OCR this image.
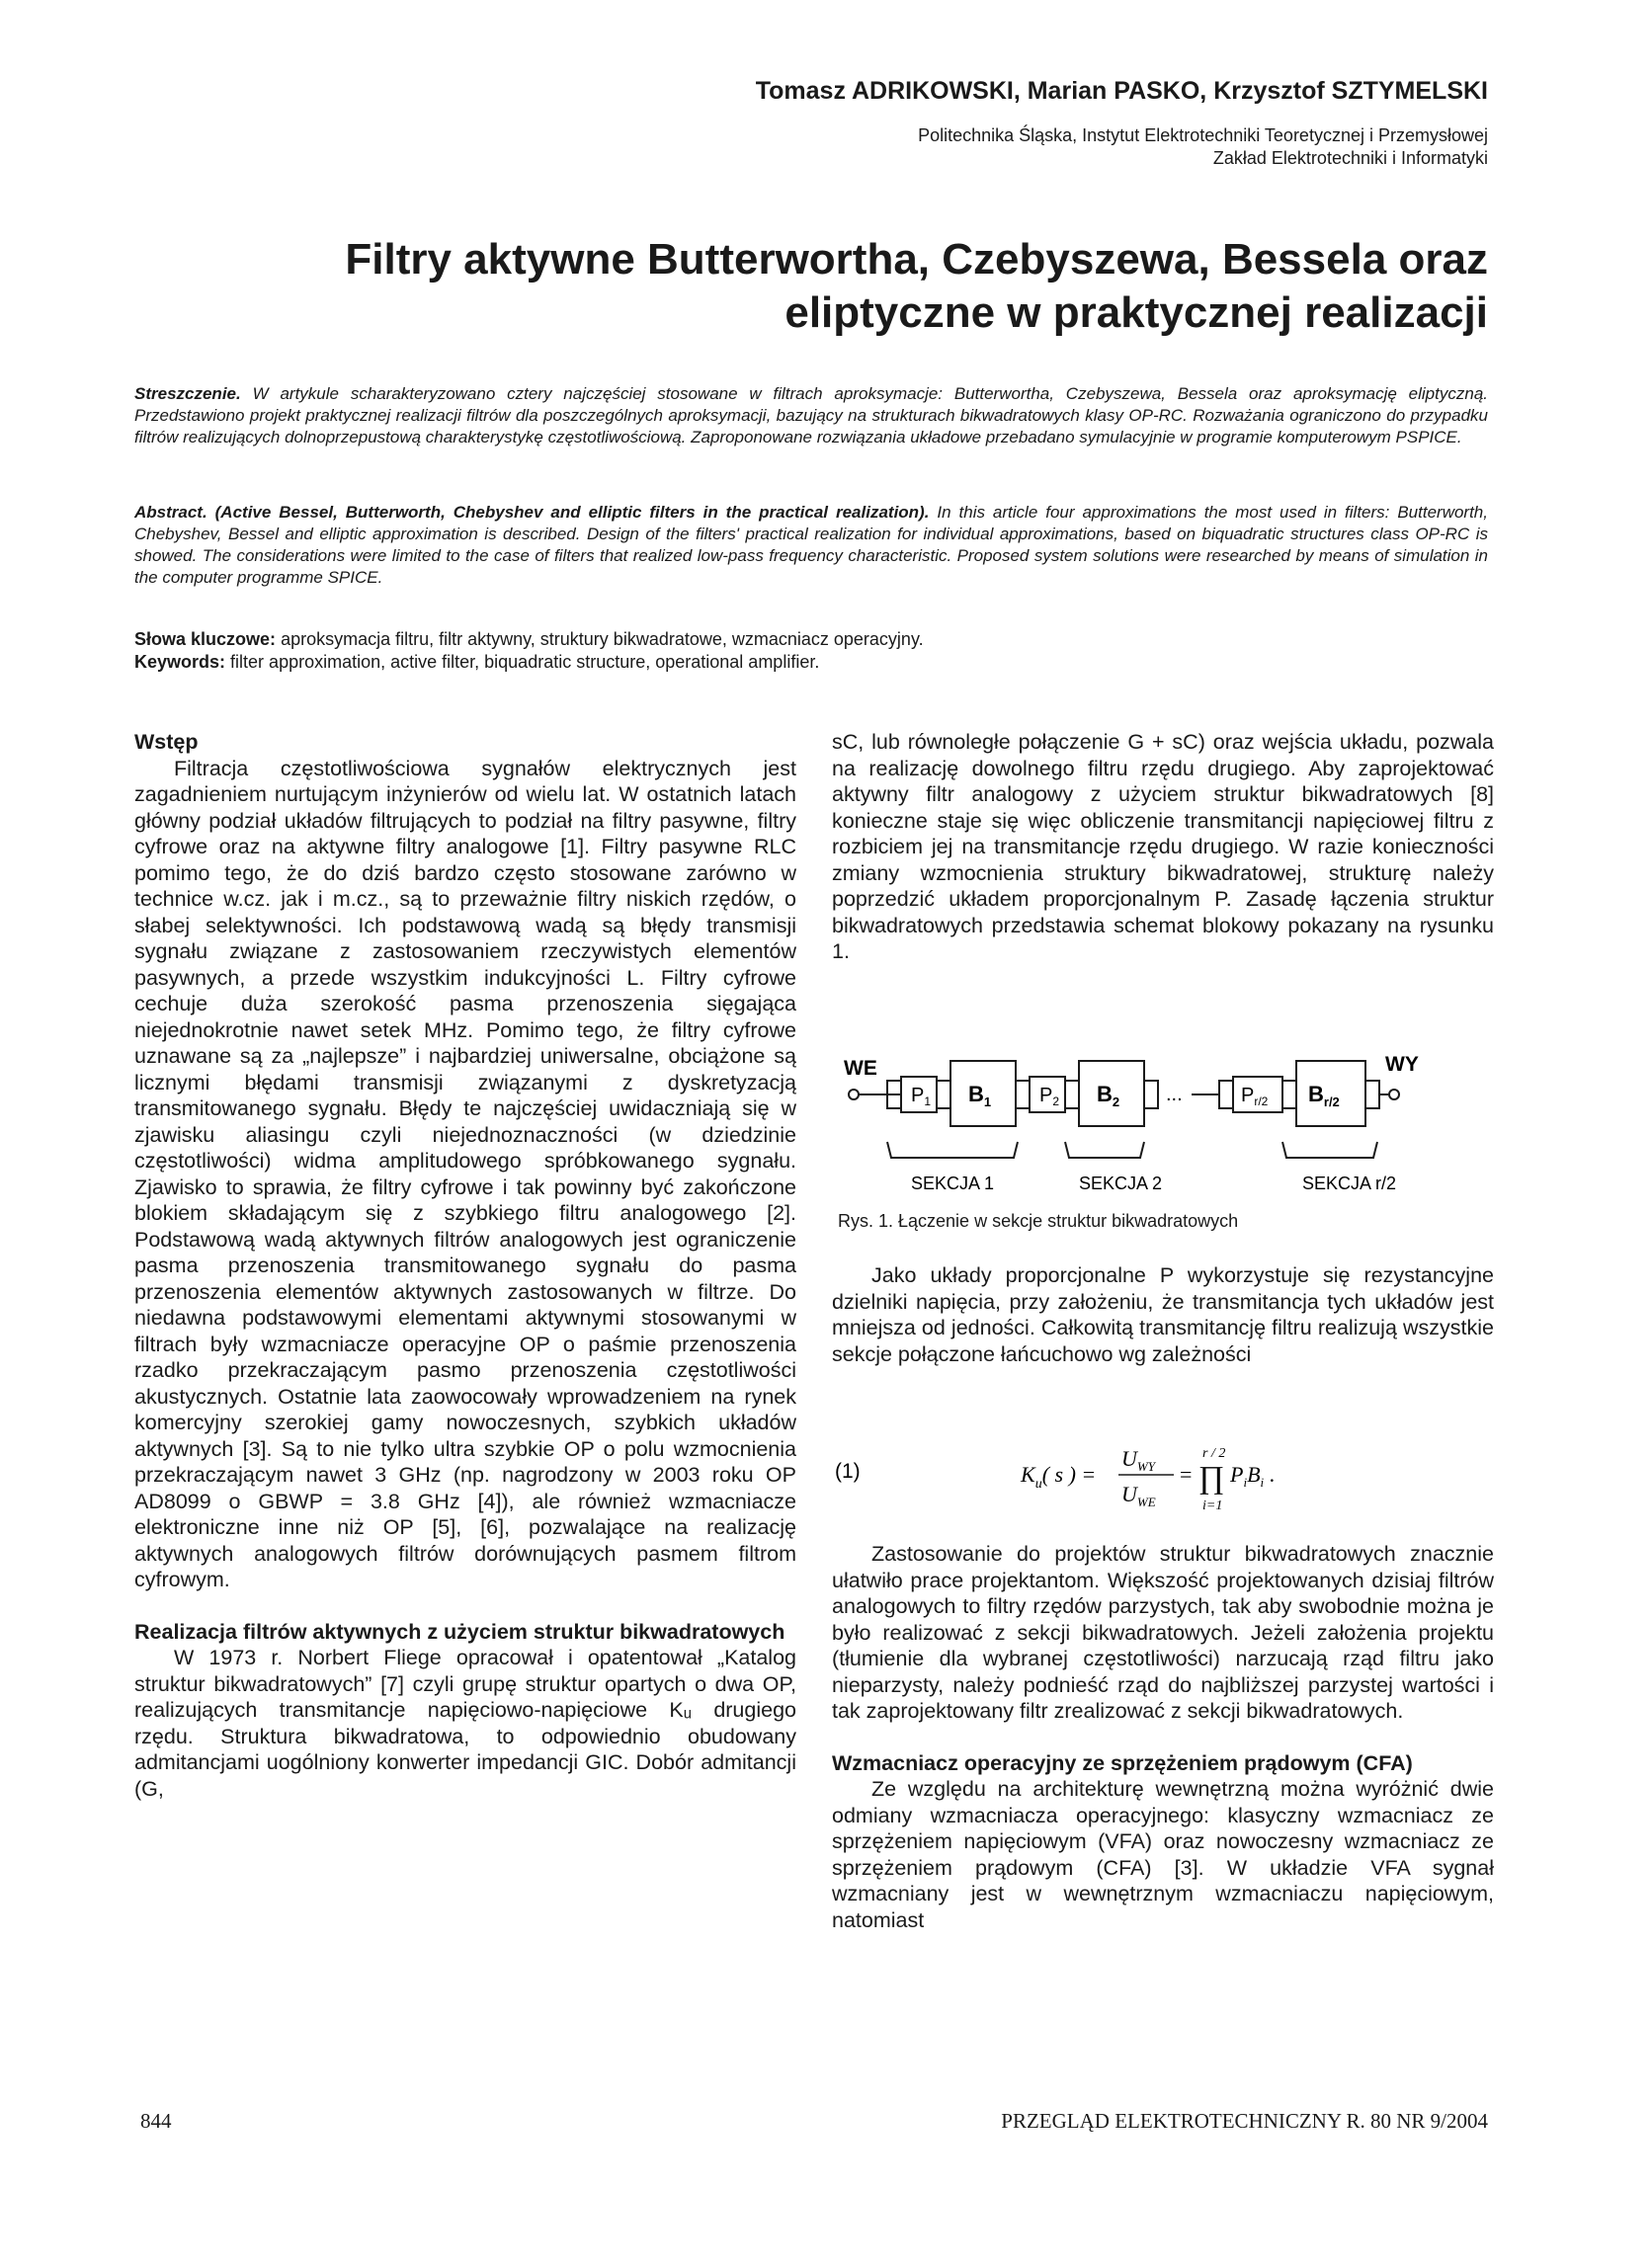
Tomasz ADRIKOWSKI, Marian PASKO, Krzysztof SZTYMELSKI
Politechnika Śląska, Instytut Elektrotechniki Teoretycznej i Przemysłowej
Zakład Elektrotechniki i Informatyki
Filtry aktywne Butterwortha, Czebyszewa, Bessela oraz
eliptyczne w praktycznej realizacji
Streszczenie. W artykule scharakteryzowano cztery najczęściej stosowane w filtrach aproksymacje: Butterwortha, Czebyszewa, Bessela oraz aproksymację eliptyczną. Przedstawiono projekt praktycznej realizacji filtrów dla poszczególnych aproksymacji, bazujący na strukturach bikwadratowych klasy OP-RC. Rozważania ograniczono do przypadku filtrów realizujących dolnoprzepustową charakterystykę częstotliwościową. Zaproponowane rozwiązania układowe przebadano symulacyjnie w programie komputerowym PSPICE.
Abstract. (Active Bessel, Butterworth, Chebyshev and elliptic filters in the practical realization). In this article four approximations the most used in filters: Butterworth, Chebyshev, Bessel and elliptic approximation is described. Design of the filters' practical realization for individual approximations, based on biquadratic structures class OP-RC is showed. The considerations were limited to the case of filters that realized low-pass frequency characteristic. Proposed system solutions were researched by means of simulation in the computer programme SPICE.
Słowa kluczowe: aproksymacja filtru, filtr aktywny, struktury bikwadratowe, wzmacniacz operacyjny.
Keywords: filter approximation, active filter, biquadratic structure, operational amplifier.
Wstęp

Filtracja częstotliwościowa sygnałów elektrycznych jest zagadnieniem nurtującym inżynierów od wielu lat. W ostatnich latach główny podział układów filtrujących to podział na filtry pasywne, filtry cyfrowe oraz na aktywne filtry analogowe [1]. Filtry pasywne RLC pomimo tego, że do dziś bardzo często stosowane zarówno w technice w.cz. jak i m.cz., są to przeważnie filtry niskich rzędów, o słabej selektywności. Ich podstawową wadą są błędy transmisji sygnału związane z zastosowaniem rzeczywistych elementów pasywnych, a przede wszystkim indukcyjności L. Filtry cyfrowe cechuje duża szerokość pasma przenoszenia sięgająca niejednokrotnie nawet setek MHz. Pomimo tego, że filtry cyfrowe uznawane są za „najlepsze” i najbardziej uniwersalne, obciążone są licznymi błędami transmisji związanymi z dyskretyzacją transmitowanego sygnału. Błędy te najczęściej uwidaczniają się w zjawisku aliasingu czyli niejednoznaczności (w dziedzinie częstotliwości) widma amplitudowego spróbkowanego sygnału. Zjawisko to sprawia, że filtry cyfrowe i tak powinny być zakończone blokiem składającym się z szybkiego filtru analogowego [2]. Podstawową wadą aktywnych filtrów analogowych jest ograniczenie pasma przenoszenia transmitowanego sygnału do pasma przenoszenia elementów aktywnych zastosowanych w filtrze. Do niedawna podstawowymi elementami aktywnymi stosowanymi w filtrach były wzmacniacze operacyjne OP o paśmie przenoszenia rzadko przekraczającym pasmo przenoszenia częstotliwości akustycznych. Ostatnie lata zaowocowały wprowadzeniem na rynek komercyjny szerokiej gamy nowoczesnych, szybkich układów aktywnych [3]. Są to nie tylko ultra szybkie OP o polu wzmocnienia przekraczającym nawet 3 GHz (np. nagrodzony w 2003 roku OP AD8099 o GBWP = 3.8 GHz [4]), ale również wzmacniacze elektroniczne inne niż OP [5], [6], pozwalające na realizację aktywnych analogowych filtrów dorównujących pasmem filtrom cyfrowym.

Realizacja filtrów aktywnych z użyciem struktur bikwadratowych

W 1973 r. Norbert Fliege opracował i opatentował „Katalog struktur bikwadratowych” [7] czyli grupę struktur opartych o dwa OP, realizujących transmitancje napięciowo-napięciowe Kᵤ drugiego rzędu. Struktura bikwadratowa, to odpowiednio obudowany admitancjami uogólniony konwerter impedancji GIC. Dobór admitancji (G,

sC, lub równoległe połączenie G + sC) oraz wejścia układu, pozwala na realizację dowolnego filtru rzędu drugiego. Aby zaprojektować aktywny filtr analogowy z użyciem struktur bikwadratowych [8] konieczne staje się więc obliczenie transmitancji napięciowej filtru z rozbiciem jej na transmitancje rzędu drugiego. W razie konieczności zmiany wzmocnienia struktury bikwadratowej, strukturę należy poprzedzić układem proporcjonalnym P. Zasadę łączenia struktur bikwadratowych przedstawia schemat blokowy pokazany na rysunku 1.

WE
$P_1$ $B_1$ $P_2$ $B_2$ ...	$P_{r/2}$ $B_{r/2}$
WY
SEKCJA 1	SEKCJA 2	SEKCJA r/2
Rys. 1. Łączenie w sekcje struktur bikwadratowych

Jako układy proporcjonalne P wykorzystuje się rezystancyjne dzielniki napięcia, przy założeniu, że transmitancja tych układów jest mniejsza od jedności. Całkowitą transmitancję filtru realizują wszystkie sekcje połączone łańcuchowo wg zależności

(1)	$K_u$( s ) =
$U_{WY}$
$U_{WE}$
=
r / 2
∏
i=1
$P_iB_i$ .

Zastosowanie do projektów struktur bikwadratowych znacznie ułatwiło prace projektantom. Większość projektowanych dzisiaj filtrów analogowych to filtry rzędów parzystych, tak aby swobodnie można je było realizować z sekcji bikwadratowych. Jeżeli założenia projektu (tłumienie dla wybranej częstotliwości) narzucają rząd filtru jako nieparzysty, należy podnieść rząd do najbliższej parzystej wartości i tak zaprojektowany filtr zrealizować z sekcji bikwadratowych.

Wzmacniacz operacyjny ze sprzężeniem prądowym (CFA)

Ze względu na architekturę wewnętrzną można wyróżnić dwie odmiany wzmacniacza operacyjnego: klasyczny wzmacniacz ze sprzężeniem napięciowym (VFA) oraz nowoczesny wzmacniacz ze sprzężeniem prądowym (CFA) [3]. W układzie VFA sygnał wzmacniany jest w wewnętrznym wzmacniaczu napięciowym, natomiast

844	PRZEGLĄD ELEKTROTECHNICZNY R. 80 NR 9/2004
